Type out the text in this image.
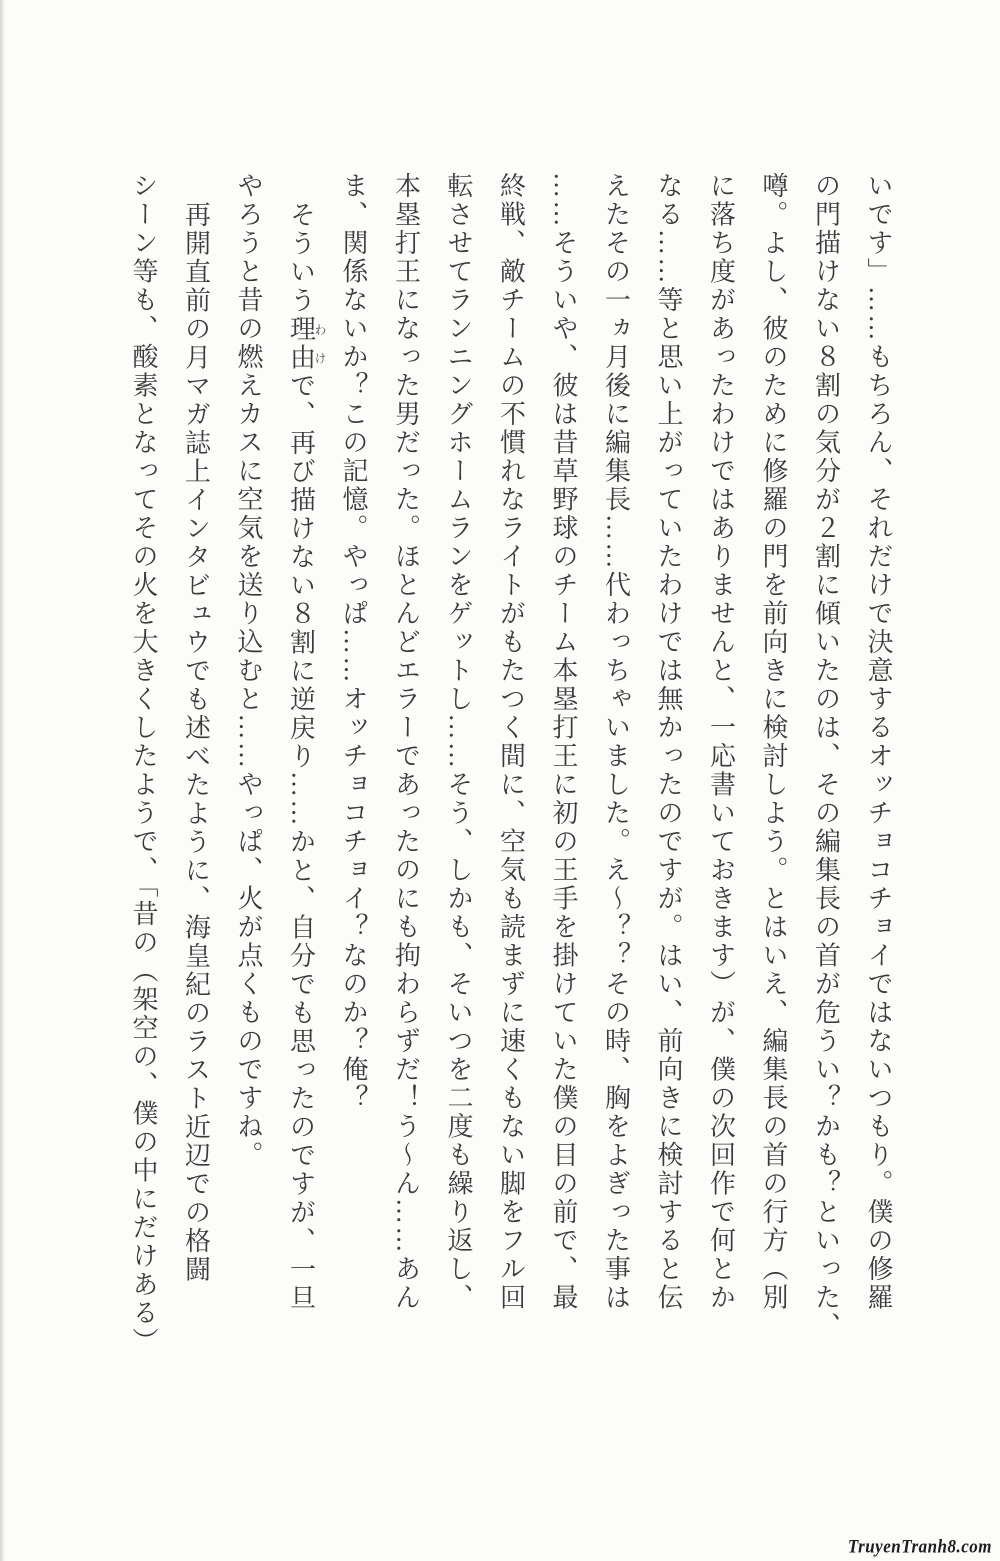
いです」……もちろん、それだけで決意するオッチョコチョイではないつもり。僕の修羅

の門描けない８割の気分が２割に傾いたのは、その編集長の首が危うい？かも？といった、

噂。よし、彼のために修羅の門を前向きに検討しよう。とはいえ、編集長の首の行方（別

に落ち度があったわけではありませんと、一応書いておきます）が、僕の次回作で何とか

なる……等と思い上がっていたわけでは無かったのですが。はい、前向きに検討すると伝

えたその一ヵ月後に編集長……代わっちゃいました。え～？？その時、胸をよぎった事は

……そういや、彼は昔草野球のチーム本塁打王に初の王手を掛けていた僕の目の前で、最

終戦、敵チームの不慣れなライトがもたつく間に、空気も読まずに速くもない脚をフル回

転させてランニングホームランをゲットし……そう、しかも、そいつを二度も繰り返し、

本塁打王になった男だった。ほとんどエラーであったのにも拘わらずだ！う～ん……あん

ま、関係ないか？この記憶。やっぱ……オッチョコチョイ？なのか？俺？

そういう理由わけで、再び描けない８割に逆戻り……かと、自分でも思ったのですが、一旦

やろうと昔の燃えカスに空気を送り込むと……やっぱ、火が点くものですね。

再開直前の月マガ誌上インタビュウでも述べたように、海皇紀のラスト近辺での格闘

シーン等も、酸素となってその火を大きくしたようで、「昔の（架空の、僕の中にだけある）

TruyenTranh8.com
